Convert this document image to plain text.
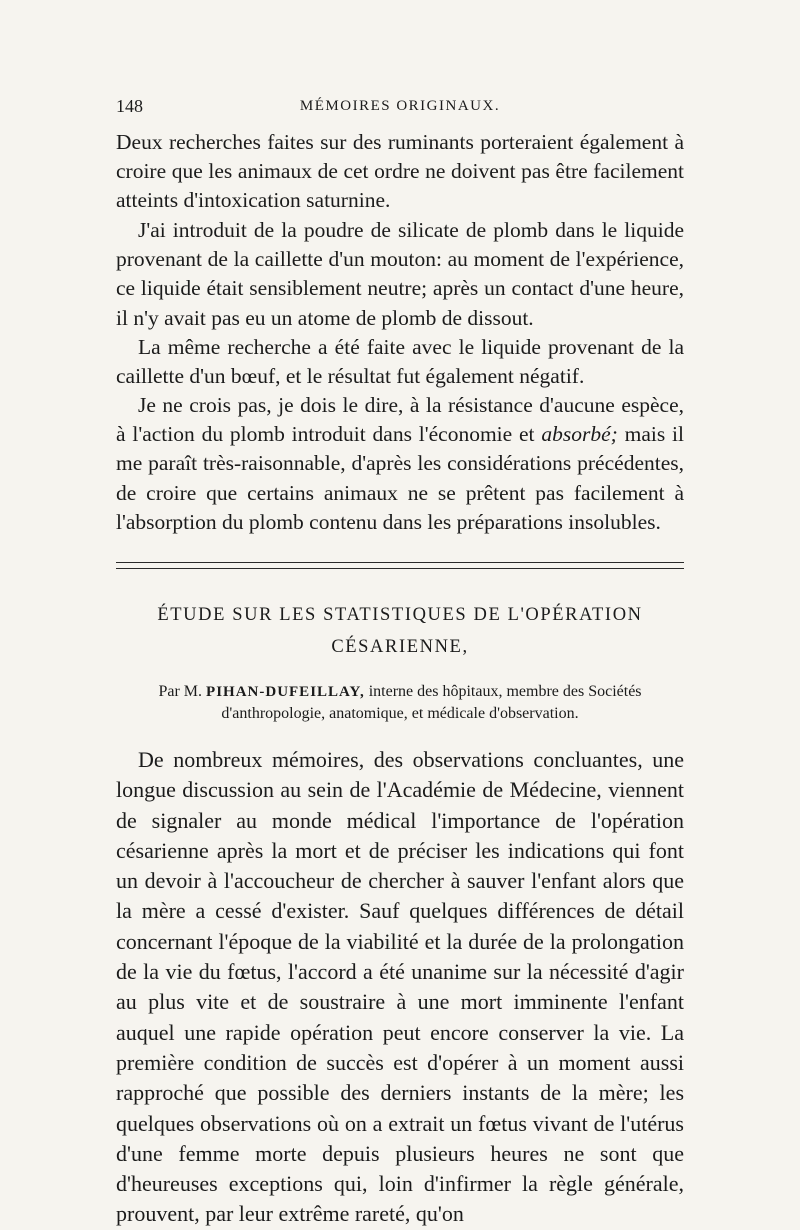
148	MÉMOIRES ORIGINAUX.

Deux recherches faites sur des ruminants porteraient également à croire que les animaux de cet ordre ne doivent pas être facilement atteints d'intoxication saturnine.

J'ai introduit de la poudre de silicate de plomb dans le liquide provenant de la caillette d'un mouton: au moment de l'expérience, ce liquide était sensiblement neutre; après un contact d'une heure, il n'y avait pas eu un atome de plomb de dissout.

La même recherche a été faite avec le liquide provenant de la caillette d'un bœuf, et le résultat fut également négatif.

Je ne crois pas, je dois le dire, à la résistance d'aucune espèce, à l'action du plomb introduit dans l'économie et absorbé; mais il me paraît très-raisonnable, d'après les considérations précédentes, de croire que certains animaux ne se prêtent pas facilement à l'absorption du plomb contenu dans les préparations insolubles.

ÉTUDE SUR LES STATISTIQUES DE L'OPÉRATION

CÉSARIENNE,

Par M. PIHAN-DUFEILLAY, interne des hôpitaux, membre des Sociétés d'anthropologie, anatomique, et médicale d'observation.

De nombreux mémoires, des observations concluantes, une longue discussion au sein de l'Académie de Médecine, viennent de signaler au monde médical l'importance de l'opération césarienne après la mort et de préciser les indications qui font un devoir à l'accoucheur de chercher à sauver l'enfant alors que la mère a cessé d'exister. Sauf quelques différences de détail concernant l'époque de la viabilité et la durée de la prolongation de la vie du fœtus, l'accord a été unanime sur la nécessité d'agir au plus vite et de soustraire à une mort imminente l'enfant auquel une rapide opération peut encore conserver la vie. La première condition de succès est d'opérer à un moment aussi rapproché que possible des derniers instants de la mère; les quelques observations où on a extrait un fœtus vivant de l'utérus d'une femme morte depuis plusieurs heures ne sont que d'heureuses exceptions qui, loin d'infirmer la règle générale, prouvent, par leur extrême rareté, qu'on
